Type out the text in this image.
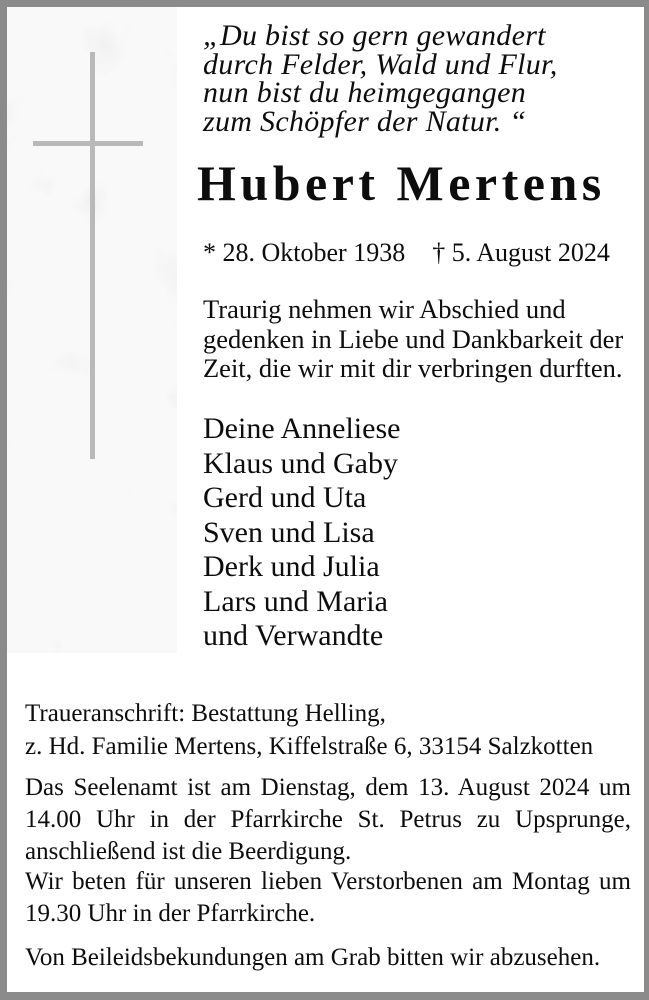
„Du bist so gern gewandert
durch Felder, Wald und Flur,
nun bist du heimgegangen
zum Schöpfer der Natur. “
Hubert Mertens
* 28. Oktober 1938 † 5. August 2024
Traurig nehmen wir Abschied und
gedenken in Liebe und Dankbarkeit der
Zeit, die wir mit dir verbringen durften.
Deine Anneliese
Klaus und Gaby
Gerd und Uta
Sven und Lisa
Derk und Julia
Lars und Maria
und Verwandte
Traueranschrift: Bestattung Helling,
z. Hd. Familie Mertens, Kiffelstraße 6, 33154 Salzkotten
Das Seelenamt ist am Dienstag, dem 13. August 2024 um
14.00 Uhr in der Pfarrkirche St. Petrus zu Upsprunge,
anschließend ist die Beerdigung.
Wir beten für unseren lieben Verstorbenen am Montag um
19.30 Uhr in der Pfarrkirche.
Von Beileidsbekundungen am Grab bitten wir abzusehen.
